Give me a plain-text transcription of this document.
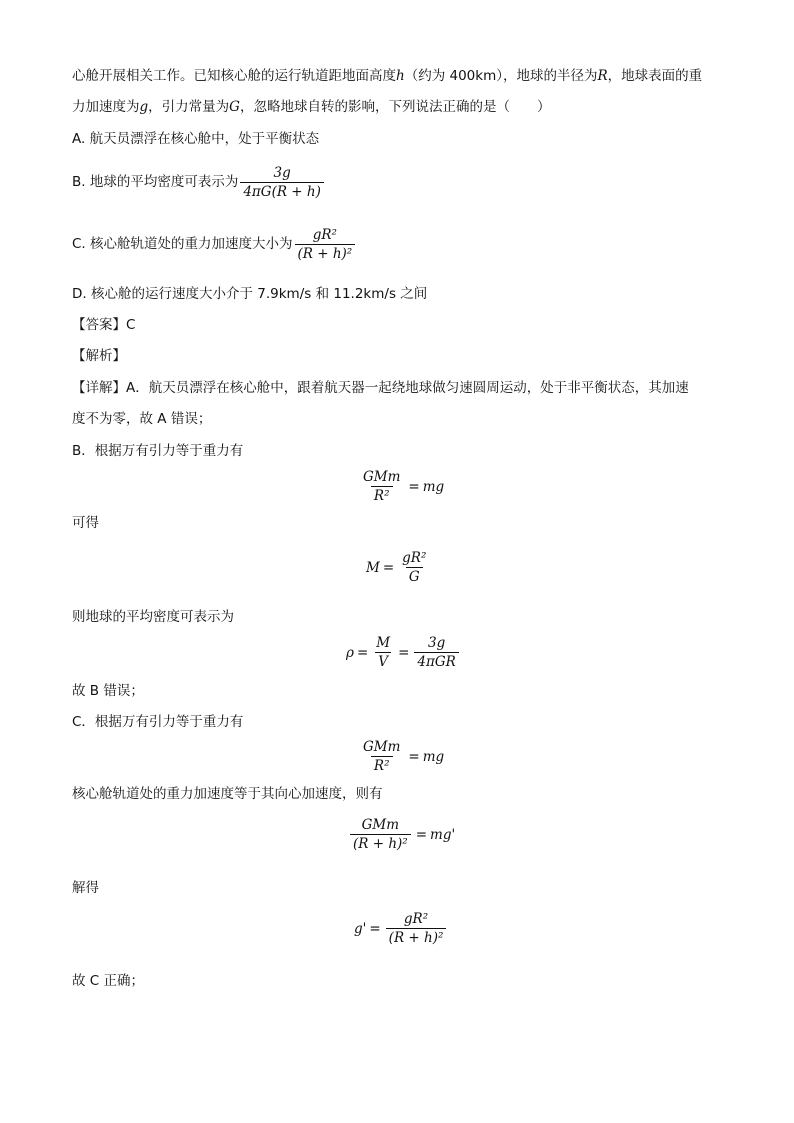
心舱开展相关工作。已知核心舱的运行轨道距地面高度h（约为 400km），地球的半径为R，地球表面的重
力加速度为g，引力常量为G，忽略地球自转的影响，下列说法正确的是（　　）
A. 航天员漂浮在核心舱中，处于平衡状态
B. 地球的平均密度可表示为 $\frac{3g}{4\pi G(R + h)}$
C. 核心舱轨道处的重力加速度大小为 $\frac{\text{gR²}}{\text{(R + h)²}}$
D. 核心舱的运行速度大小介于 7.9km/s 和 11.2km/s 之间
【答案】C
【解析】
【详解】A．航天员漂浮在核心舱中，跟着航天器一起绕地球做匀速圆周运动，处于非平衡状态，其加速
度不为零，故 A 错误；
B．根据万有引力等于重力有
$\frac{\text{GMm}}{\text{R²}}$ = mg
可得
$M = \frac{\text{gR²}}{G}$
则地球的平均密度可表示为
$\rho = \frac{M}{V} = \frac{3g}{\text{4πGR}}$
故 B 错误；
C．根据万有引力等于重力有
$\frac{\text{GMm}}{\text{R²}}$ = mg
核心舱轨道处的重力加速度等于其向心加速度，则有
$\frac{\text{GMm}}{\text{(R + h)²}} = mg'$
解得
$g' = \frac{\text{gR²}}{\text{(R + h)²}}$
故 C 正确；
